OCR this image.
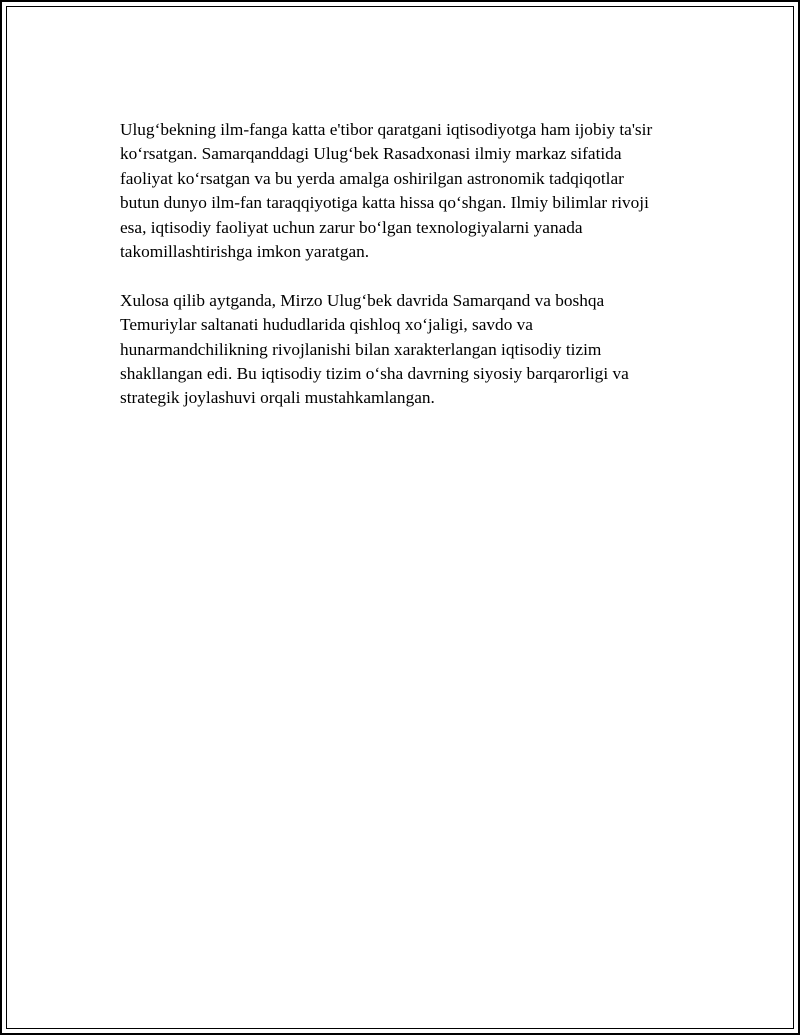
Ulug‘bekning ilm-fanga katta e'tibor qaratgani iqtisodiyotga ham ijobiy ta'sir
ko‘rsatgan. Samarqanddagi Ulug‘bek Rasadxonasi ilmiy markaz sifatida
faoliyat ko‘rsatgan va bu yerda amalga oshirilgan astronomik tadqiqotlar
butun dunyo ilm-fan taraqqiyotiga katta hissa qo‘shgan. Ilmiy bilimlar rivoji
esa, iqtisodiy faoliyat uchun zarur bo‘lgan texnologiyalarni yanada
takomillashtirishga imkon yaratgan.

Xulosa qilib aytganda, Mirzo Ulug‘bek davrida Samarqand va boshqa
Temuriylar saltanati hududlarida qishloq xo‘jaligi, savdo va
hunarmandchilikning rivojlanishi bilan xarakterlangan iqtisodiy tizim
shakllangan edi. Bu iqtisodiy tizim o‘sha davrning siyosiy barqarorligi va
strategik joylashuvi orqali mustahkamlangan.
